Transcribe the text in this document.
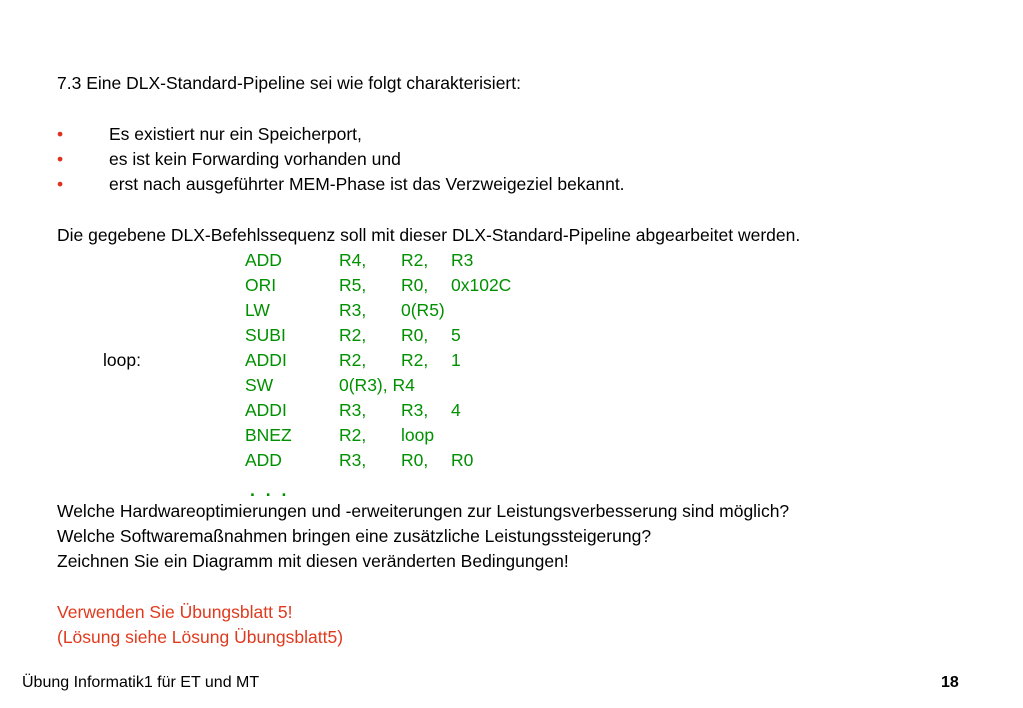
7.3 Eine DLX-Standard-Pipeline sei wie folgt charakterisiert:
•	Es existiert nur ein Speicherport,
•	es ist kein Forwarding vorhanden und
•	erst nach ausgeführter MEM-Phase ist das Verzweigeziel bekannt.
Die gegebene DLX-Befehlssequenz soll mit dieser DLX-Standard-Pipeline abgearbeitet werden.
ADD	R4, R2, R3
ORI	R5, R0, 0x102C
LW	R3, 0(R5)
SUBI	R2, R0, 5
loop:	ADDI	R2, R2, 1
SW	0(R3), R4
ADDI	R3, R3, 4
BNEZ	R2, loop
ADD	R3, R0, R0
. . .
Welche Hardwareoptimierungen und -erweiterungen zur Leistungsverbesserung sind möglich?
Welche Softwaremaßnahmen bringen eine zusätzliche Leistungssteigerung?
Zeichnen Sie ein Diagramm mit diesen veränderten Bedingungen!
Verwenden Sie Übungsblatt 5!
(Lösung siehe Lösung Übungsblatt5)
Übung Informatik1 für ET und MT	18
